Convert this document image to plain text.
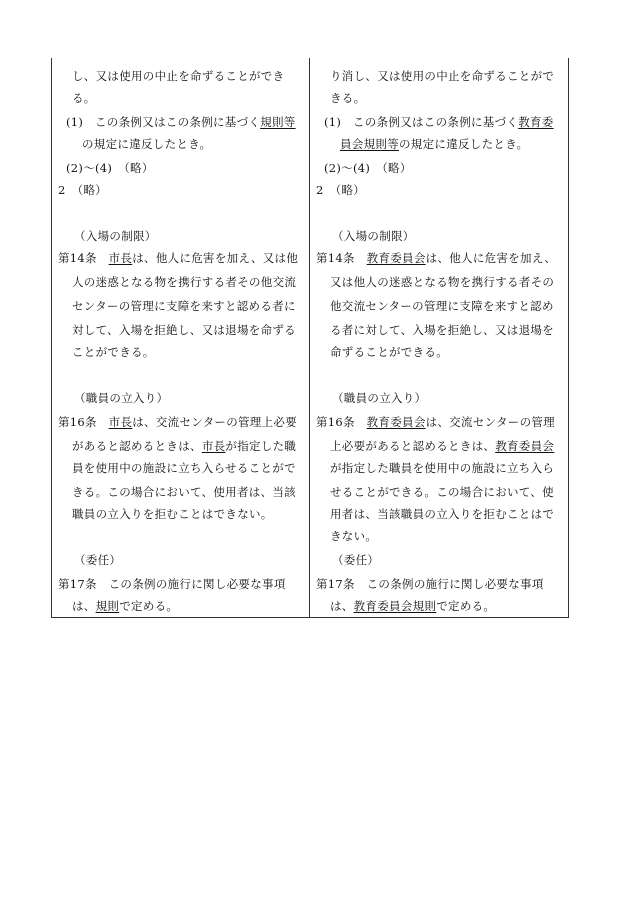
し、又は使用の中止を命ずることができ
る。
(1)　この条例又はこの条例に基づく規則等
の規定に違反したとき。
(2)～(4)　（略）
2　（略）
（入場の制限）
第14条　市長は、他人に危害を加え、又は他
人の迷惑となる物を携行する者その他交流
センターの管理に支障を来すと認める者に
対して、入場を拒絶し、又は退場を命ずる
ことができる。
（職員の立入り）
第16条　市長は、交流センターの管理上必要
があると認めるときは、市長が指定した職
員を使用中の施設に立ち入らせることがで
きる。この場合において、使用者は、当該
職員の立入りを拒むことはできない。
（委任）
第17条　この条例の施行に関し必要な事項
は、規則で定める。
り消し、又は使用の中止を命ずることがで
きる。
(1)　この条例又はこの条例に基づく教育委
員会規則等の規定に違反したとき。
(2)～(4)　（略）
2　（略）
（入場の制限）
第14条　教育委員会は、他人に危害を加え、
又は他人の迷惑となる物を携行する者その
他交流センターの管理に支障を来すと認め
る者に対して、入場を拒絶し、又は退場を
命ずることができる。
（職員の立入り）
第16条　教育委員会は、交流センターの管理
上必要があると認めるときは、教育委員会
が指定した職員を使用中の施設に立ち入ら
せることができる。この場合において、使
用者は、当該職員の立入りを拒むことはで
きない。
（委任）
第17条　この条例の施行に関し必要な事項
は、教育委員会規則で定める。
